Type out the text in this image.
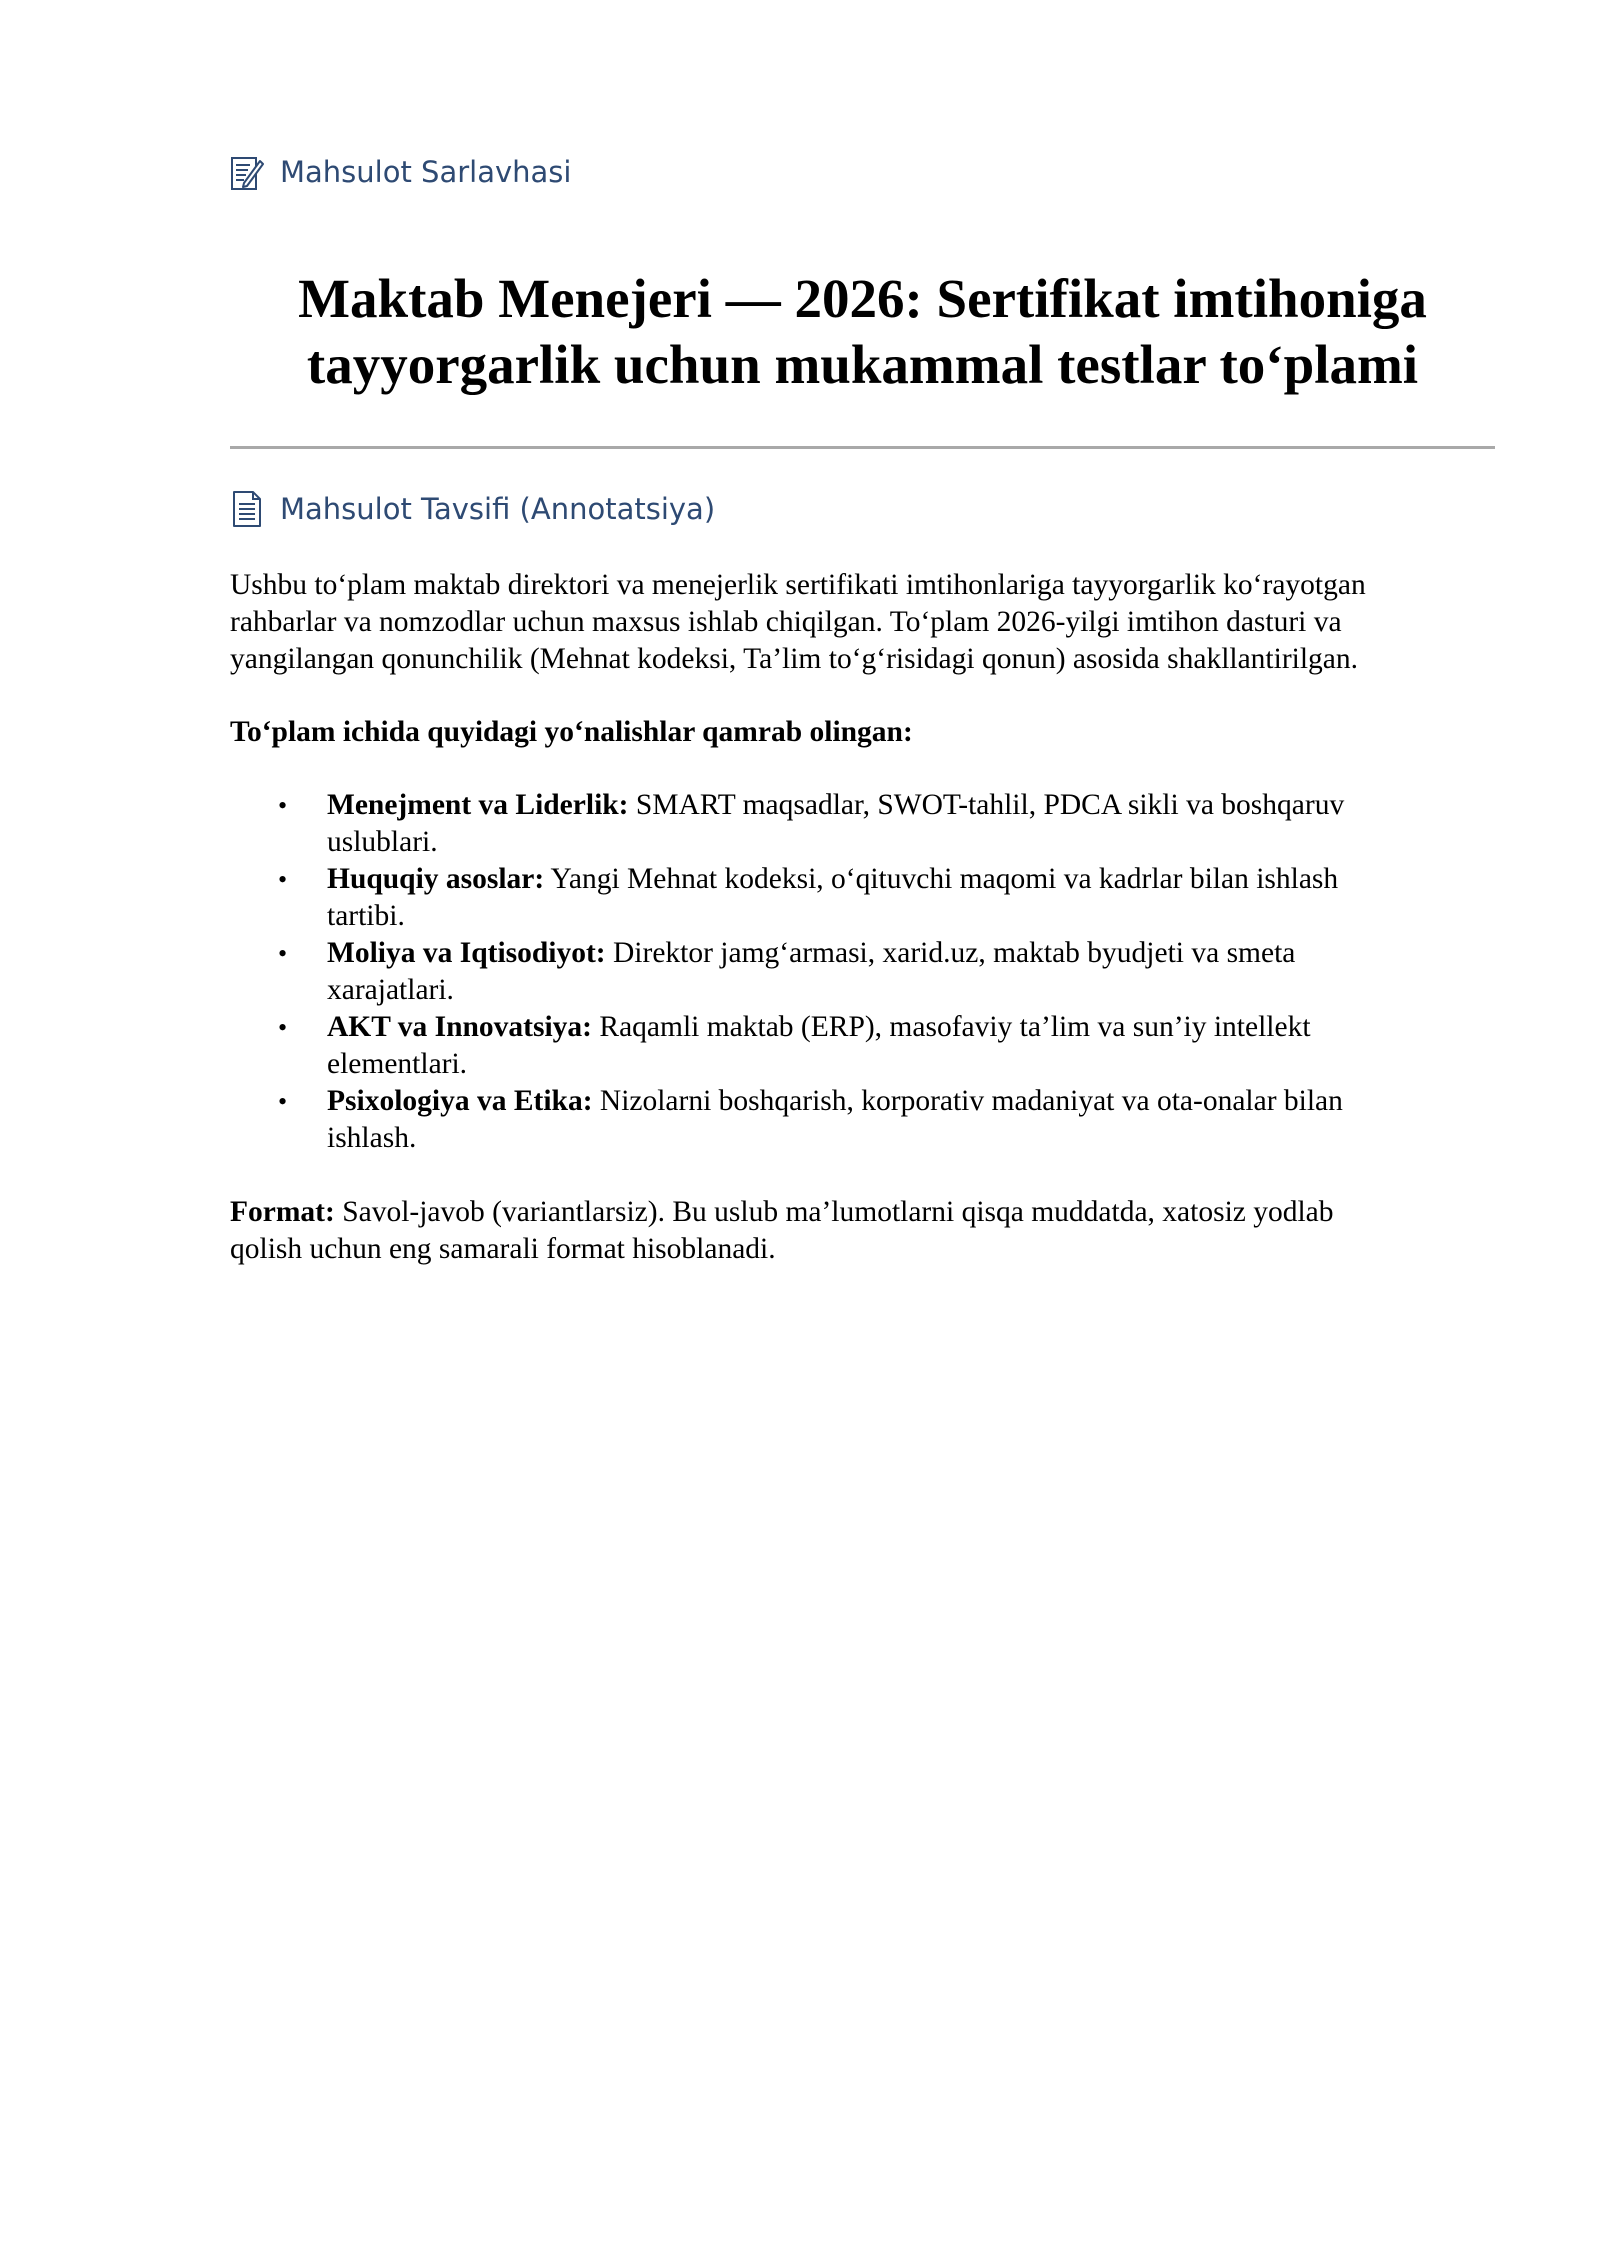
Mahsulot Sarlavhasi
Maktab Menejeri — 2026: Sertifikat imtihoniga
tayyorgarlik uchun mukammal testlar to‘plami
Mahsulot Tavsifi (Annotatsiya)
Ushbu to‘plam maktab direktori va menejerlik sertifikati imtihonlariga tayyorgarlik ko‘rayotgan
rahbarlar va nomzodlar uchun maxsus ishlab chiqilgan. To‘plam 2026-yilgi imtihon dasturi va
yangilangan qonunchilik (Mehnat kodeksi, Ta’lim to‘g‘risidagi qonun) asosida shakllantirilgan.
To‘plam ichida quyidagi yo‘nalishlar qamrab olingan:
• Menejment va Liderlik: SMART maqsadlar, SWOT-tahlil, PDCA sikli va boshqaruv
uslublari.
• Huquqiy asoslar: Yangi Mehnat kodeksi, o‘qituvchi maqomi va kadrlar bilan ishlash
tartibi.
• Moliya va Iqtisodiyot: Direktor jamg‘armasi, xarid.uz, maktab byudjeti va smeta
xarajatlari.
• AKT va Innovatsiya: Raqamli maktab (ERP), masofaviy ta’lim va sun’iy intellekt
elementlari.
• Psixologiya va Etika: Nizolarni boshqarish, korporativ madaniyat va ota-onalar bilan
ishlash.
Format: Savol-javob (variantlarsiz). Bu uslub ma’lumotlarni qisqa muddatda, xatosiz yodlab
qolish uchun eng samarali format hisoblanadi.
